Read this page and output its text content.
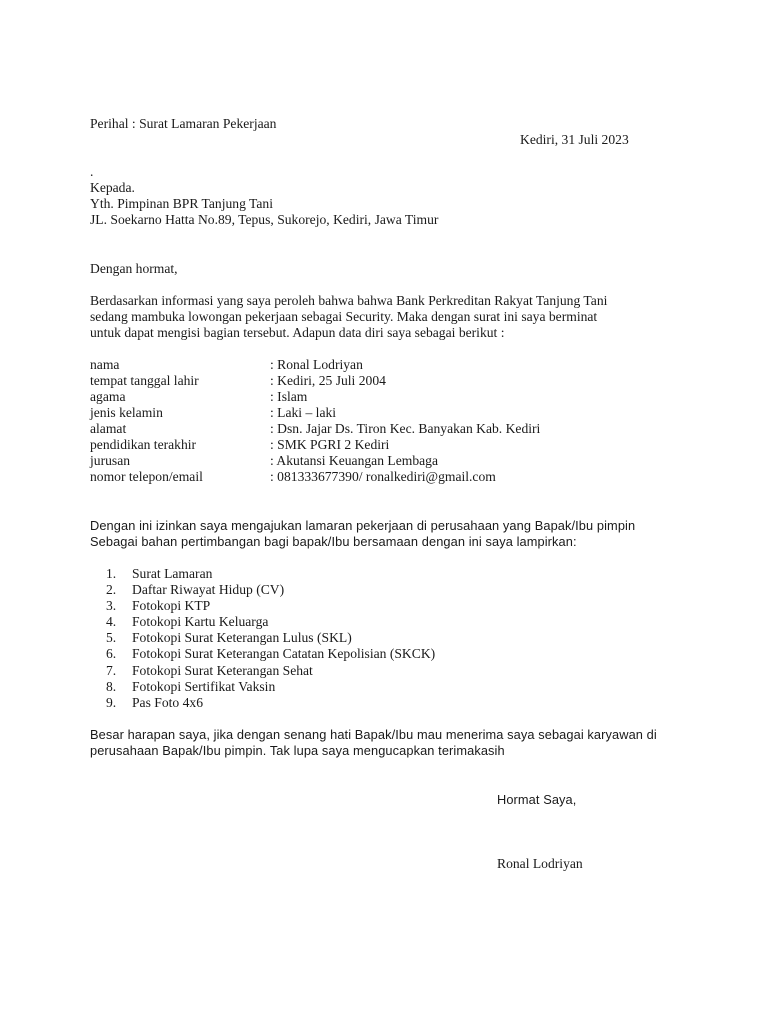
Perihal : Surat Lamaran Pekerjaan
Kediri, 31 Juli 2023
.
Kepada.
Yth. Pimpinan BPR Tanjung Tani
JL. Soekarno Hatta No.89, Tepus, Sukorejo, Kediri, Jawa Timur
Dengan hormat,
Berdasarkan informasi yang saya peroleh bahwa bahwa Bank Perkreditan Rakyat Tanjung Tani
sedang mambuka lowongan pekerjaan sebagai Security. Maka dengan surat ini saya berminat
untuk dapat mengisi bagian tersebut. Adapun data diri saya sebagai berikut :
nama	: Ronal Lodriyan
tempat tanggal lahir	: Kediri, 25 Juli 2004
agama	: Islam
jenis kelamin	: Laki – laki
alamat	: Dsn. Jajar Ds. Tiron Kec. Banyakan Kab. Kediri
pendidikan terakhir	: SMK PGRI 2 Kediri
jurusan	: Akutansi Keuangan Lembaga
nomor telepon/email	: 081333677390/ ronalkediri@gmail.com
Dengan ini izinkan saya mengajukan lamaran pekerjaan di perusahaan yang Bapak/Ibu pimpin
Sebagai bahan pertimbangan bagi bapak/Ibu bersamaan dengan ini saya lampirkan:
1. Surat Lamaran
2. Daftar Riwayat Hidup (CV)
3. Fotokopi KTP
4. Fotokopi Kartu Keluarga
5. Fotokopi Surat Keterangan Lulus (SKL)
6. Fotokopi Surat Keterangan Catatan Kepolisian (SKCK)
7. Fotokopi Surat Keterangan Sehat
8. Fotokopi Sertifikat Vaksin
9. Pas Foto 4x6
Besar harapan saya, jika dengan senang hati Bapak/Ibu mau menerima saya sebagai karyawan di
perusahaan Bapak/Ibu pimpin. Tak lupa saya mengucapkan terimakasih
Hormat Saya,
Ronal Lodriyan
